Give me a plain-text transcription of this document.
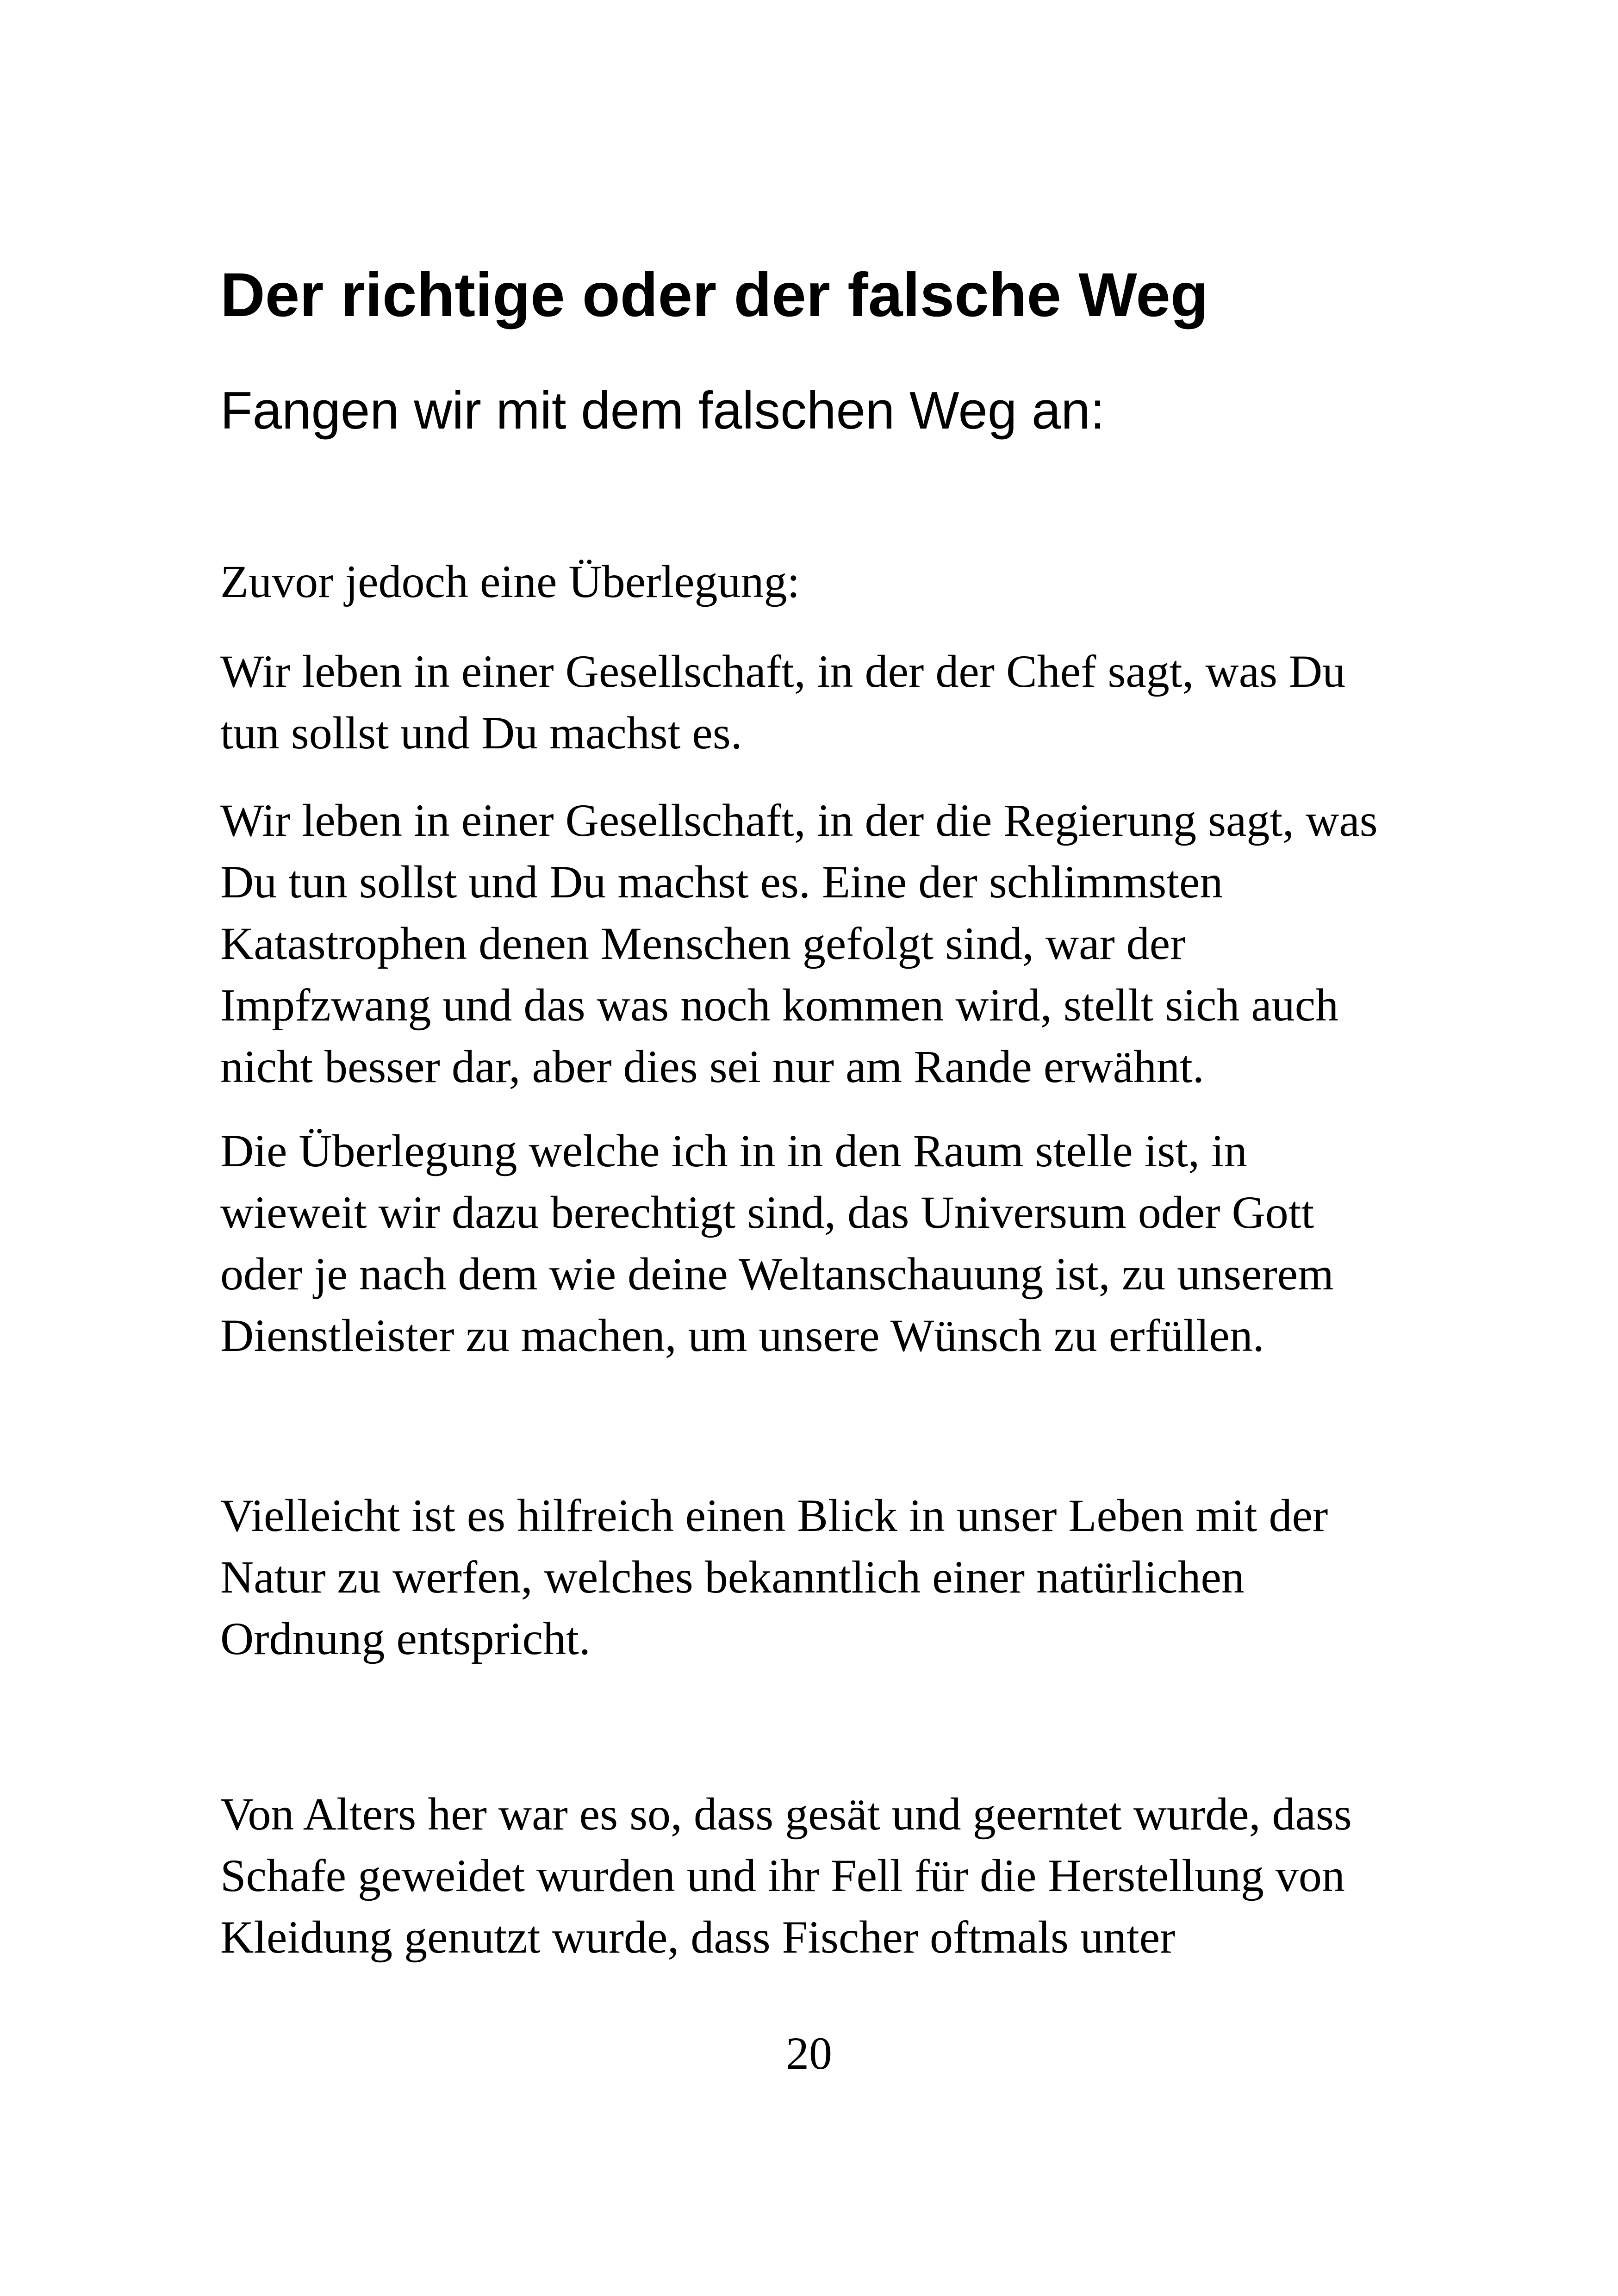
Der richtige oder der falsche Weg
Fangen wir mit dem falschen Weg an:

Zuvor jedoch eine Überlegung:

Wir leben in einer Gesellschaft, in der der Chef sagt, was Du
tun sollst und Du machst es.

Wir leben in einer Gesellschaft, in der die Regierung sagt, was
Du tun sollst und Du machst es. Eine der schlimmsten
Katastrophen denen Menschen gefolgt sind, war der
Impfzwang und das was noch kommen wird, stellt sich auch
nicht besser dar, aber dies sei nur am Rande erwähnt.

Die Überlegung welche ich in in den Raum stelle ist, in
wieweit wir dazu berechtigt sind, das Universum oder Gott
oder je nach dem wie deine Weltanschauung ist, zu unserem
Dienstleister zu machen, um unsere Wünsch zu erfüllen.

Vielleicht ist es hilfreich einen Blick in unser Leben mit der
Natur zu werfen, welches bekanntlich einer natürlichen
Ordnung entspricht.

Von Alters her war es so, dass gesät und geerntet wurde, dass
Schafe geweidet wurden und ihr Fell für die Herstellung von
Kleidung genutzt wurde, dass Fischer oftmals unter

20
